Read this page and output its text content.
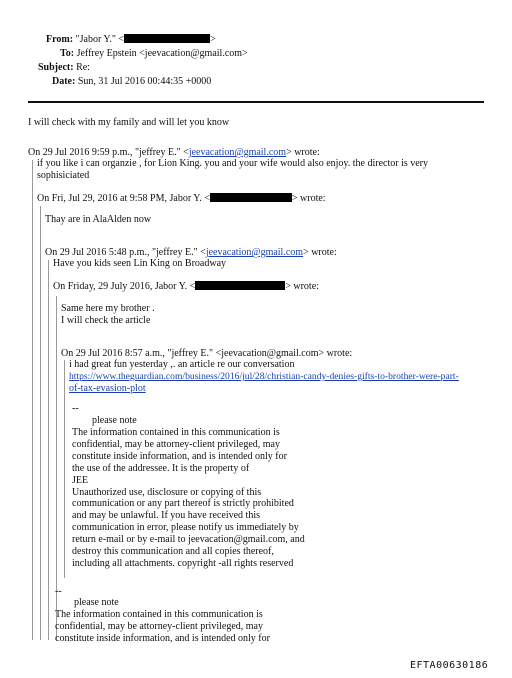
From: "Jabor Y." <	>
To: Jeffrey Epstein <jeevacation@gmail.com>
Subject: Re:
Date: Sun, 31 Jul 2016 00:44:35 +0000
I will check with my family and will let you know
On 29 Jul 2016 9:59 p.m., "jeffrey E." <jeevacation@gmail.com> wrote:
if you like i can organzie , for Lion King. you and your wife would also enjoy. the director is very
sophisiciated
On Fri, Jul 29, 2016 at 9:58 PM, Jabor Y. <	> wrote:
Thay are in AlaAlden now
On 29 Jul 2016 5:48 p.m., "jeffrey E." <jeevacation@gmail.com> wrote:
Have you kids seen Lin King on Broadway
On Friday, 29 July 2016, Jabor Y. <	> wrote:
Same here my brother .
I will check the article
On 29 Jul 2016 8:57 a.m., "jeffrey E." <jeevacation@gmail.com> wrote:
i had great fun yesterday ,. an article re our conversation
https://www.theguardian.com/business/2016/jul/28/christian-candy-denies-gifts-to-brother-were-part-
of-tax-evasion-plot
--
please note
The information contained in this communication is
confidential, may be attorney-client privileged, may
constitute inside information, and is intended only for
the use of the addressee. It is the property of
JEE
Unauthorized use, disclosure or copying of this
communication or any part thereof is strictly prohibited
and may be unlawful. If you have received this
communication in error, please notify us immediately by
return e-mail or by e-mail to jeevacation@gmail.com, and
destroy this communication and all copies thereof,
including all attachments. copyright -all rights reserved
--
please note
The information contained in this communication is
confidential, may be attorney-client privileged, may
constitute inside information, and is intended only for
EFTA00630186
